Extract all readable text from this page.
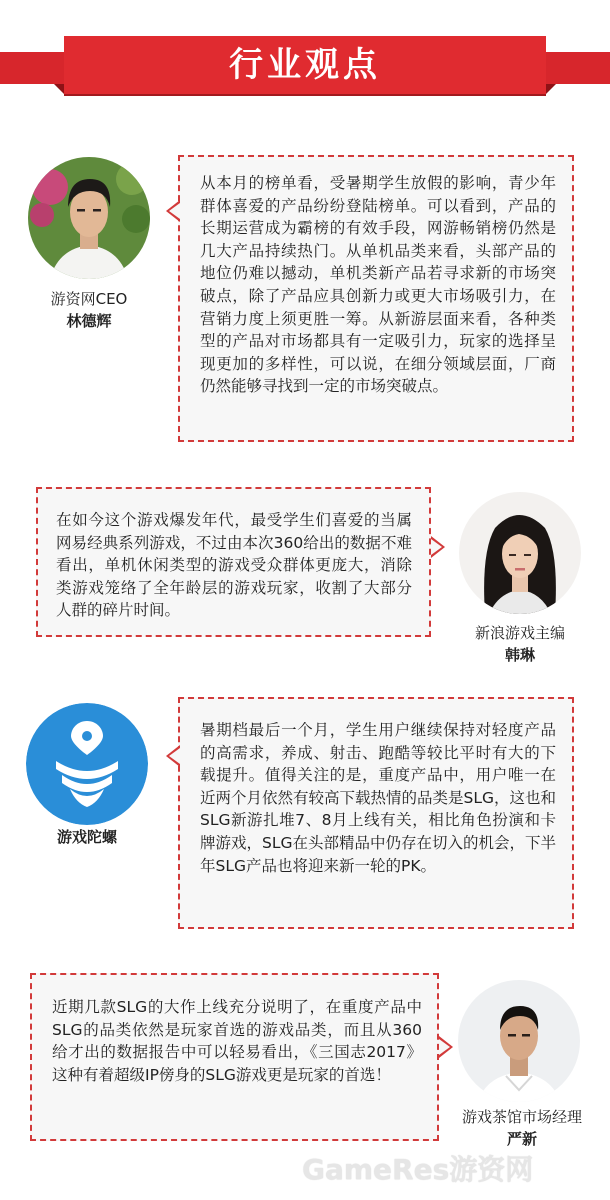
行业观点
游资网CEO
林德辉
从本月的榜单看，受暑期学生放假的影响，青少年群体喜爱的产品纷纷登陆榜单。可以看到，产品的长期运营成为霸榜的有效手段，网游畅销榜仍然是几大产品持续热门。从单机品类来看，头部产品的地位仍难以撼动，单机类新产品若寻求新的市场突破点，除了产品应具创新力或更大市场吸引力，在营销力度上须更胜一筹。从新游层面来看，各种类型的产品对市场都具有一定吸引力，玩家的选择呈现更加的多样性，可以说，在细分领域层面，厂商仍然能够寻找到一定的市场突破点。
在如今这个游戏爆发年代，最受学生们喜爱的当属网易经典系列游戏，不过由本次360给出的数据不难看出，单机休闲类型的游戏受众群体更庞大，消除类游戏笼络了全年龄层的游戏玩家，收割了大部分人群的碎片时间。
新浪游戏主编
韩琳
游戏陀螺
暑期档最后一个月，学生用户继续保持对轻度产品的高需求，养成、射击、跑酷等较比平时有大的下载提升。值得关注的是，重度产品中，用户唯一在近两个月依然有较高下载热情的品类是SLG，这也和SLG新游扎堆7、8月上线有关，相比角色扮演和卡牌游戏，SLG在头部精品中仍存在切入的机会，下半年SLG产品也将迎来新一轮的PK。
近期几款SLG的大作上线充分说明了，在重度产品中SLG的品类依然是玩家首选的游戏品类，而且从360给才出的数据报告中可以轻易看出，《三国志2017》这种有着超级IP傍身的SLG游戏更是玩家的首选！
游戏茶馆市场经理
严新
GameRes游资网
